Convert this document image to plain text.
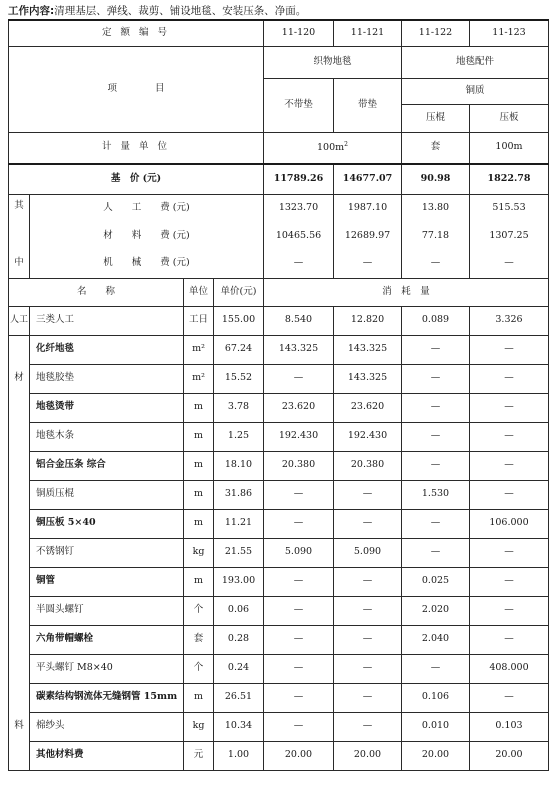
工作内容:清理基层、弹线、裁剪、铺设地毯、安装压条、净面。
定 额 编 号				11-120	11-121	11-122	11-123
项　　　　目				织物地毯		地毯配件	
				不带垫	带垫	铜质	
						压棍	压板
计 量 单 位				$100m^2$		套	100m
基　价 (元)				11789.26	14677.07	90.98	1822.78
其	人　　工　　费 (元)			1323.70	1987.10	13.80	515.53
	材　　料　　费 (元)			10465.56	12689.97	77.18	1307.25
中	机　　械　　费 (元)			—	—	—	—
名　　称		单位	单价(元)	消　耗　量			
人工	三类人工	工日	155.00	8.540	12.820	0.089	3.326
	化纤地毯	m²	67.24	143.325	143.325	—	—
材	地毯胶垫	m²	15.52	—	143.325	—	—
	地毯烫带	m	3.78	23.620	23.620	—	—
	地毯木条	m	1.25	192.430	192.430	—	—
	铝合金压条 综合	m	18.10	20.380	20.380	—	—
	铜质压棍	m	31.86	—	—	1.530	—
	铜压板 5×40	m	11.21	—	—	—	106.000
	不锈钢钉	kg	21.55	5.090	5.090	—	—
	铜管	m	193.00	—	—	0.025	—
	半圆头螺钉	个	0.06	—	—	2.020	—
	六角带帽螺栓	套	0.28	—	—	2.040	—
	平头螺钉 M8×40	个	0.24	—	—	—	408.000
	碳素结构钢流体无缝钢管 15mm	m	26.51	—	—	0.106	—
料	棉纱头	kg	10.34	—	—	0.010	0.103
	其他材料费	元	1.00	20.00	20.00	20.00	20.00
